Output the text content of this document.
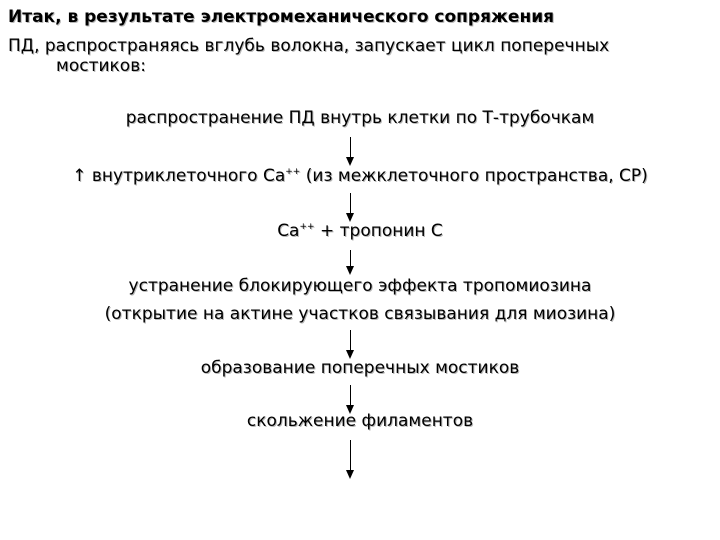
Итак, в результате электромеханического сопряжения
ПД, распространяясь вглубь волокна, запускает цикл поперечных
мостиков:
распространение ПД внутрь клетки по Т-трубочкам
↑ внутриклеточного Са++ (из межклеточного пространства, СР)
Са++ + тропонин С
устранение блокирующего эффекта тропомиозина
(открытие на актине участков связывания для миозина)
образование поперечных мостиков
скольжение филаментов
